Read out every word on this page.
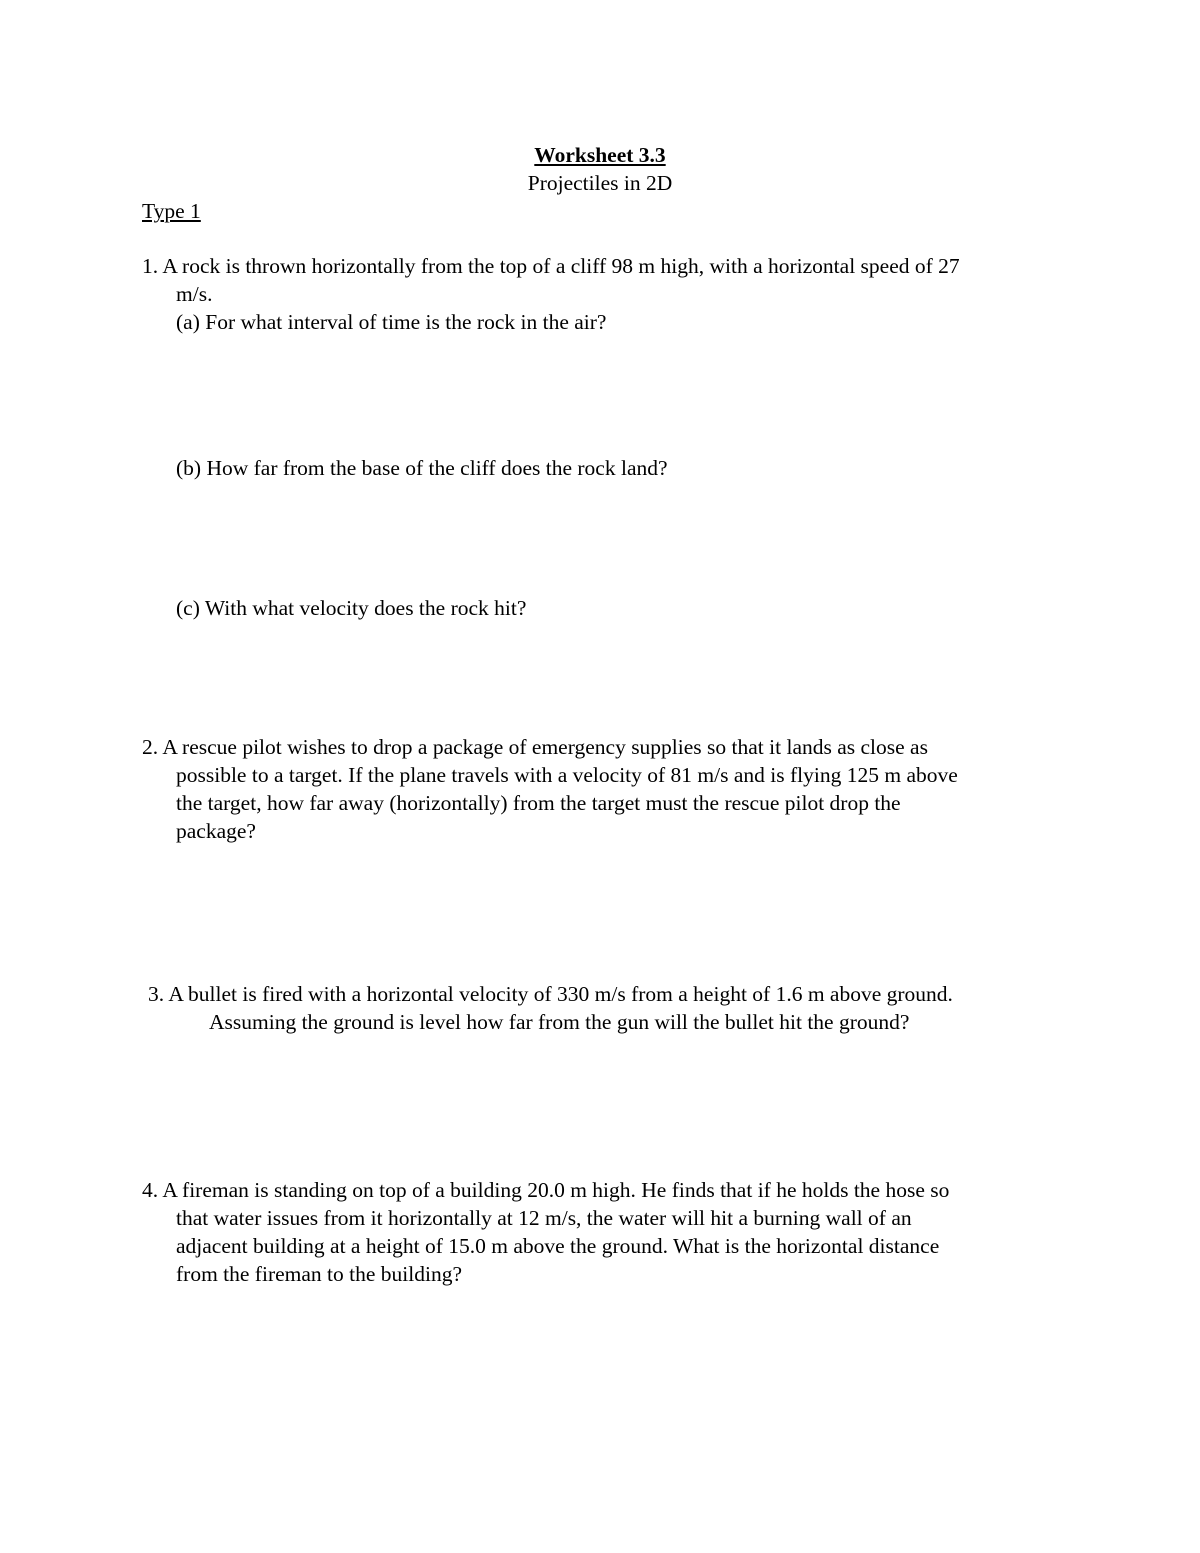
Worksheet 3.3
Projectiles in 2D
Type 1
1. A rock is thrown horizontally from the top of a cliff 98 m high, with a horizontal speed of 27
m/s.
(a) For what interval of time is the rock in the air?
(b) How far from the base of the cliff does the rock land?
(c) With what velocity does the rock hit?
2. A rescue pilot wishes to drop a package of emergency supplies so that it lands as close as
possible to a target. If the plane travels with a velocity of 81 m/s and is flying 125 m above
the target, how far away (horizontally) from the target must the rescue pilot drop the
package?
3. A bullet is fired with a horizontal velocity of 330 m/s from a height of 1.6 m above ground.
Assuming the ground is level how far from the gun will the bullet hit the ground?
4. A fireman is standing on top of a building 20.0 m high. He finds that if he holds the hose so
that water issues from it horizontally at 12 m/s, the water will hit a burning wall of an
adjacent building at a height of 15.0 m above the ground. What is the horizontal distance
from the fireman to the building?
